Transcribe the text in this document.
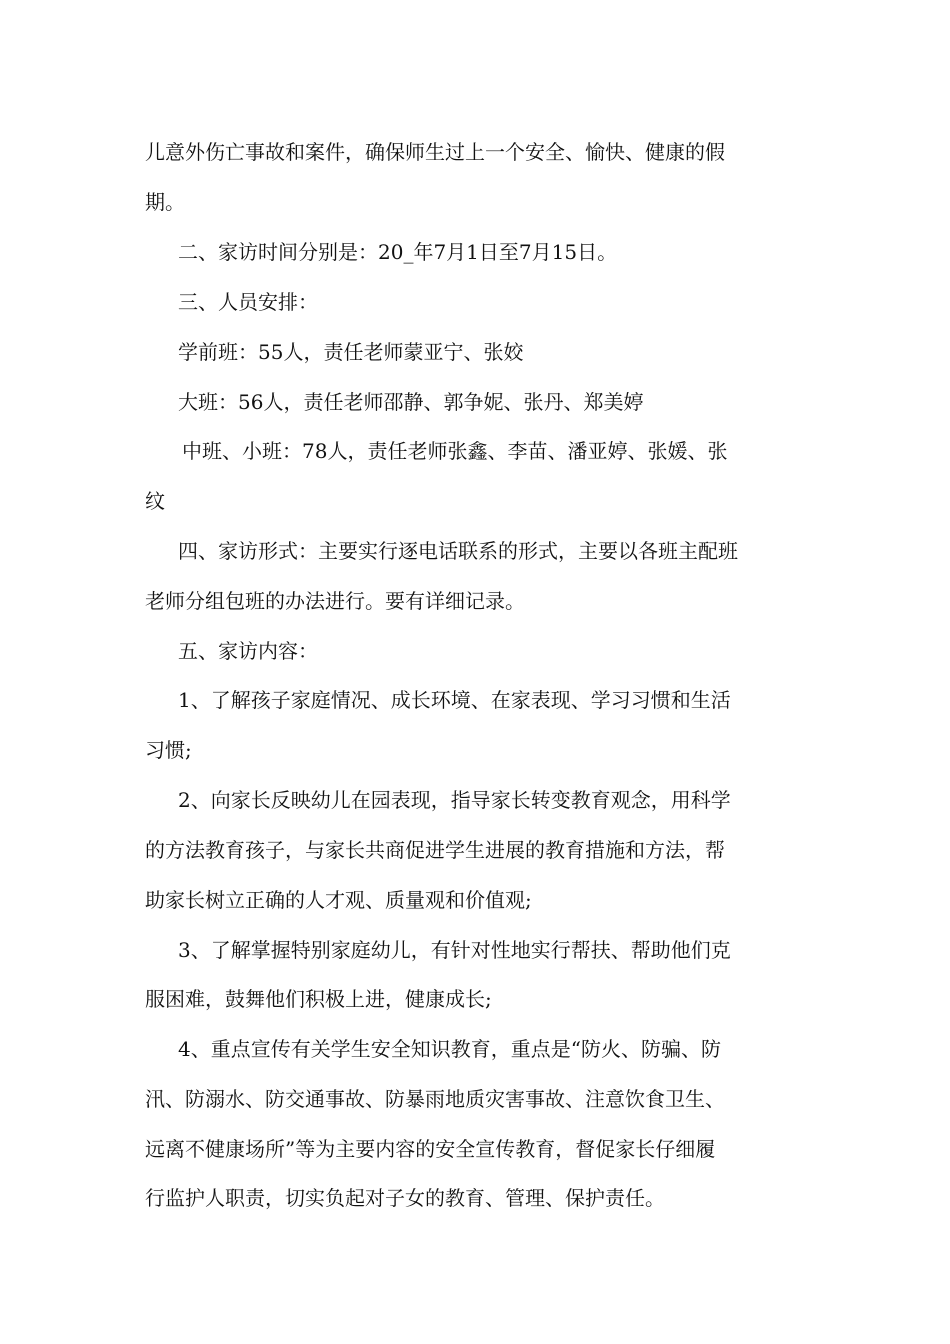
儿意外伤亡事故和案件，确保师生过上一个安全、愉快、健康的假
期。
二、家访时间分别是：20_年7月1日至7月15日。
三、人员安排：
学前班：55人，责任老师蒙亚宁、张姣
大班：56人，责任老师邵静、郭争妮、张丹、郑美婷
中班、小班：78人，责任老师张鑫、李苗、潘亚婷、张媛、张
纹
四、家访形式：主要实行逐电话联系的形式，主要以各班主配班
老师分组包班的办法进行。要有详细记录。
五、家访内容：
1、了解孩子家庭情况、成长环境、在家表现、学习习惯和生活
习惯;
2、向家长反映幼儿在园表现，指导家长转变教育观念，用科学
的方法教育孩子，与家长共商促进学生进展的教育措施和方法，帮
助家长树立正确的人才观、质量观和价值观;
3、了解掌握特别家庭幼儿，有针对性地实行帮扶、帮助他们克
服困难，鼓舞他们积极上进，健康成长;
4、重点宣传有关学生安全知识教育，重点是“防火、防骗、防
汛、防溺水、防交通事故、防暴雨地质灾害事故、注意饮食卫生、
远离不健康场所”等为主要内容的安全宣传教育，督促家长仔细履
行监护人职责，切实负起对子女的教育、管理、保护责任。
